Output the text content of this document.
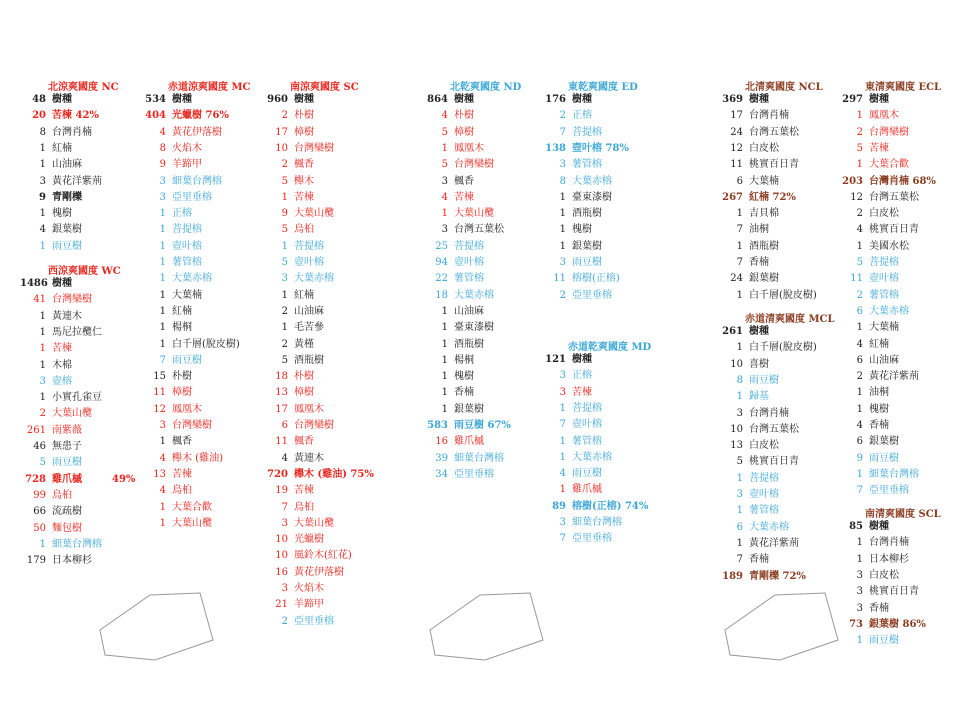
北涼爽國度 NC
48 樹種
20 苦楝 42%
8 台灣肖楠
1 紅楠
1 山油麻
3 黃花洋紫荊
9 青剛櫟
1 槐樹
4 銀葉樹
1 雨豆樹
西涼爽國度 WC
1486 樹種
41 台灣欒樹
1 黃連木
1 馬尼拉欖仁
1 苦楝
1 木棉
3 壺榕
1 小實孔雀豆
2 大葉山欖
261 南紫薇
46 無患子
5 雨豆樹
728 雞爪槭	49%
99 烏桕
66 流疏樹
50 麵包樹
1 細葉台灣榕
179 日本柳杉
赤道涼爽國度 MC
534 樹種
404 光蠟樹 76%
4 黃花伊落樹
8 火焰木
9 羊蹄甲
3 細葉台灣榕
3 亞里垂榕
1 正榕
1 菩提榕
1 壺叶榕
1 薯管榕
1 大葉赤榕
1 大葉楠
1 紅楠
1 楊桐
1 白千層(脫皮樹)
7 雨豆樹
15 朴樹
11 樟樹
12 鳳凰木
3 台灣欒樹
1 楓香
4 櫸木 (雞油)
13 苦楝
4 烏桕
1 大葉合歡
1 大葉山欖
南涼爽國度 SC
960 樹種
2 朴樹
17 樟樹
10 台灣欒樹
2 楓香
5 櫸木
1 苦楝
9 大葉山欖
5 烏桕
1 菩提榕
5 壺叶榕
3 大葉赤榕
1 紅楠
2 山油麻
1 毛苦參
2 黃槿
5 酒瓶樹
18 朴樹
13 樟樹
17 鳳凰木
6 台灣欒樹
11 楓香
4 黃連木
720 櫸木 (雞油) 75%
19 苦楝
7 烏桕
3 大葉山欖
10 光蠟樹
10 風鈴木(紅花)
16 黃花伊落樹
3 火焰木
21 羊蹄甲
2 亞里垂榕
北乾爽國度 ND
864 樹種
4 朴樹
5 樟樹
1 鳳凰木
5 台灣欒樹
3 楓香
4 苦楝
1 大葉山欖
3 台灣五葉松
25 菩提榕
94 壺叶榕
22 薯管榕
18 大葉赤榕
1 山油麻
1 臺東漆樹
1 酒瓶樹
1 楊桐
1 槐樹
1 香楠
1 銀葉樹
583 雨豆樹 67%
16 雞爪槭
39 細葉台灣榕
34 亞里垂榕
東乾爽國度 ED
176 樹種
2 正榕
7 菩提榕
138 壺叶榕 78%
3 薯管榕
8 大葉赤榕
1 臺東漆樹
1 酒瓶樹
1 槐樹
1 銀葉樹
3 雨豆樹
11 榕樹(正榕)
2 亞里垂榕
赤道乾爽國度 MD
121 樹種
3 正榕
3 苦楝
1 菩提榕
7 壺叶榕
1 薯管榕
1 大葉赤榕
4 雨豆樹
1 雞爪槭
89 榕樹(正榕) 74%
3 細葉台灣榕
7 亞里垂榕
北清爽國度 NCL
369 樹種
17 台灣肖楠
24 台灣五葉松
12 白皮松
11 桃實百日青
6 大葉楠
267 紅楠 72%
1 吉貝棉
7 油桐
1 酒瓶樹
7 香楠
24 銀葉樹
1 白千層(脫皮樹)
赤道清爽國度 MCL
261 樹種
1 白千層(脫皮樹)
10 喜樹
8 雨豆樹
1 歸基
3 台灣肖楠
10 台灣五葉松
13 白皮松
5 桃實百日青
1 菩提榕
3 壺叶榕
1 薯管榕
6 大葉赤榕
1 黃花洋紫荊
7 香楠
189 青剛櫟 72%
東清爽國度 ECL
297 樹種
1 鳳凰木
2 台灣欒樹
5 苦楝
1 大葉合歡
203 台灣肖楠 68%
12 台灣五葉松
2 白皮松
4 桃實百日青
1 美國水松
5 菩提榕
11 壺叶榕
2 薯管榕
6 大葉赤榕
1 大葉楠
4 紅楠
6 山油麻
2 黃花洋紫荊
1 油桐
1 槐樹
4 香楠
6 銀葉樹
9 雨豆樹
1 細葉台灣榕
7 亞里垂榕
南清爽國度 SCL
85 樹種
1 台灣肖楠
1 日本柳杉
3 白皮松
3 桃實百日青
3 香楠
73 銀葉樹 86%
1 雨豆樹
